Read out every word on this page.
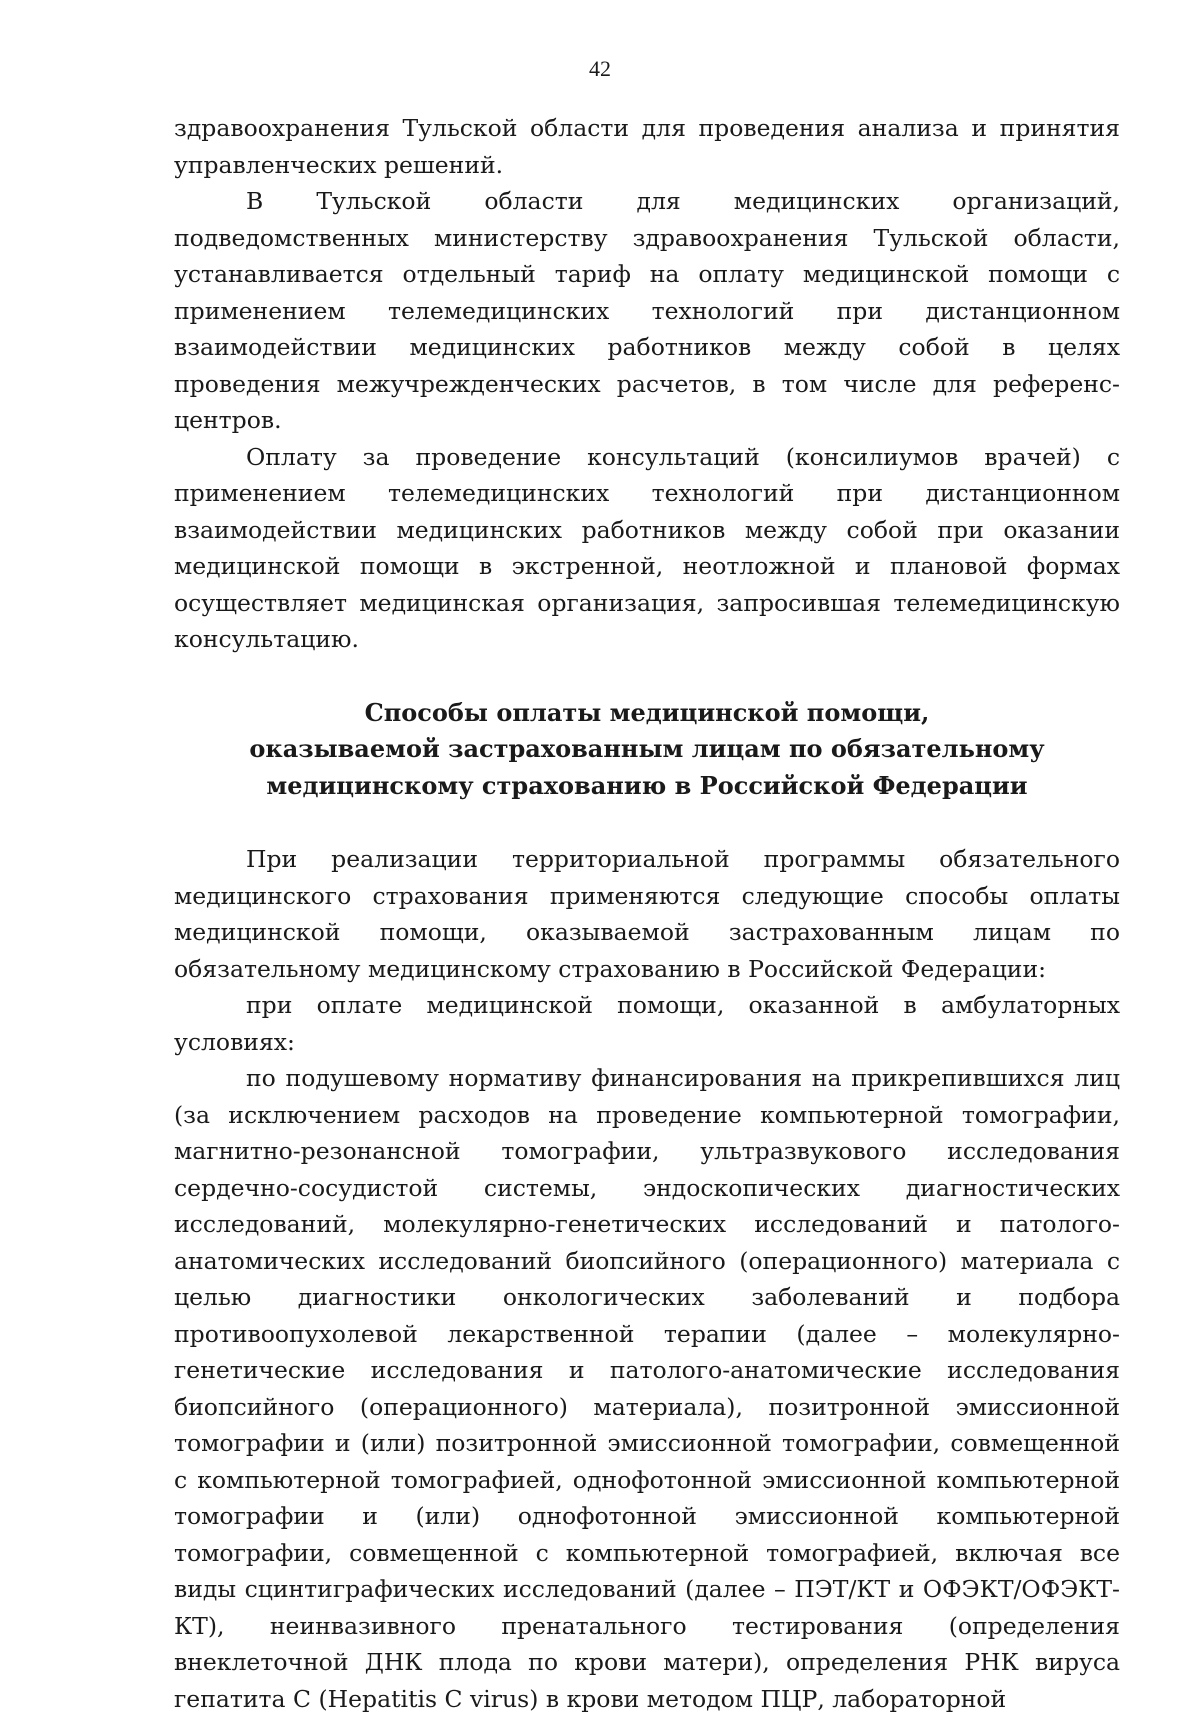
42

здравоохранения Тульской области для проведения анализа и принятия управленческих решений.

В Тульской области для медицинских организаций, подведомственных министерству здравоохранения Тульской области, устанавливается отдельный тариф на оплату медицинской помощи с применением телемедицинских технологий при дистанционном взаимодействии медицинских работников между собой в целях проведения межучрежденческих расчетов, в том числе для референс-центров.

Оплату за проведение консультаций (консилиумов врачей) с применением телемедицинских технологий при дистанционном взаимодействии медицинских работников между собой при оказании медицинской помощи в экстренной, неотложной и плановой формах осуществляет медицинская организация, запросившая телемедицинскую консультацию.

Способы оплаты медицинской помощи,
оказываемой застрахованным лицам по обязательному
медицинскому страхованию в Российской Федерации

При реализации территориальной программы обязательного медицинского страхования применяются следующие способы оплаты медицинской помощи, оказываемой застрахованным лицам по обязательному медицинскому страхованию в Российской Федерации:

при оплате медицинской помощи, оказанной в амбулаторных условиях:

по подушевому нормативу финансирования на прикрепившихся лиц (за исключением расходов на проведение компьютерной томографии, магнитно-резонансной томографии, ультразвукового исследования сердечно-сосудистой системы, эндоскопических диагностических исследований, молекулярно-генетических исследований и патолого-анатомических исследований биопсийного (операционного) материала с целью диагностики онкологических заболеваний и подбора противоопухолевой лекарственной терапии (далее – молекулярно-генетические исследования и патолого-анатомические исследования биопсийного (операционного) материала), позитронной эмиссионной томографии и (или) позитронной эмиссионной томографии, совмещенной с компьютерной томографией, однофотонной эмиссионной компьютерной томографии и (или) однофотонной эмиссионной компьютерной томографии, совмещенной с компьютерной томографией, включая все виды сцинтиграфических исследований (далее – ПЭТ/КТ и ОФЭКТ/ОФЭКТ-КТ), неинвазивного пренатального тестирования (определения внеклеточной ДНК плода по крови матери), определения РНК вируса гепатита С (Hepatitis C virus) в крови методом ПЦР, лабораторной
